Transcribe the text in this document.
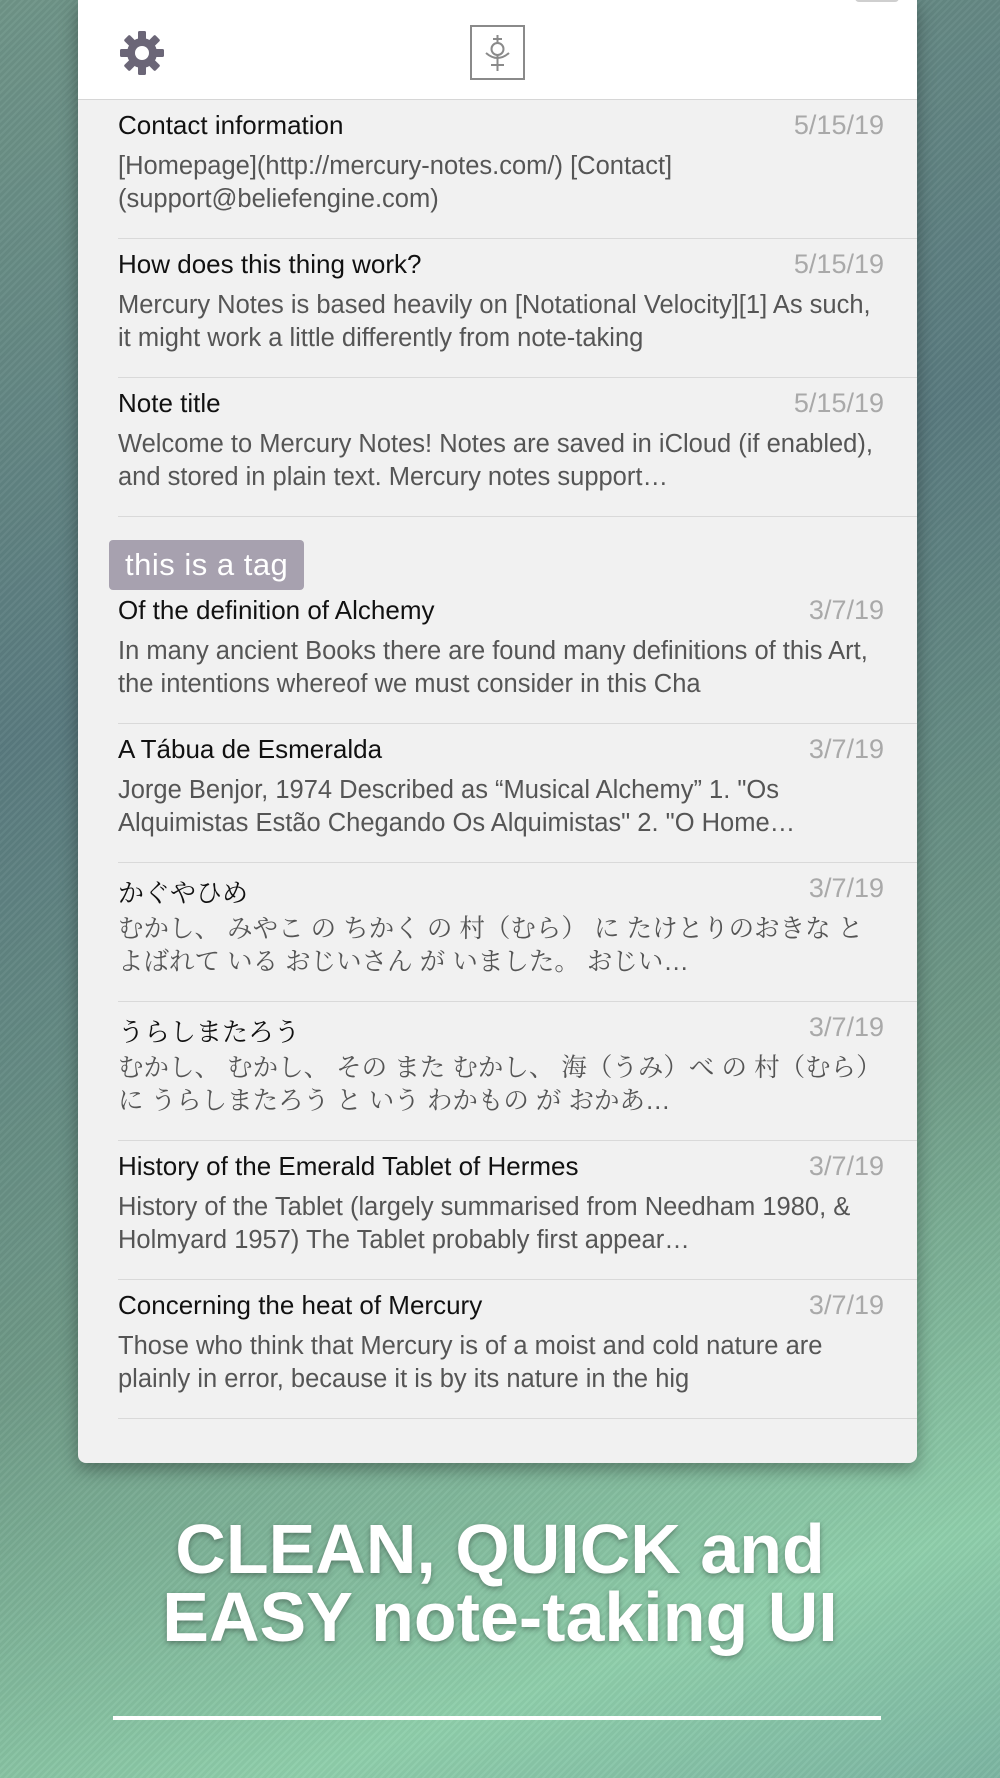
Contact information	5/15/19
[Homepage](http://mercury-notes.com/) [Contact](support@beliefengine.com)
How does this thing work?	5/15/19
Mercury Notes is based heavily on [Notational Velocity][1] As such, it might work a little differently from note-taking
Note title	5/15/19
Welcome to Mercury Notes! Notes are saved in iCloud (if enabled), and stored in plain text. Mercury notes support…
this is a tag
Of the definition of Alchemy	3/7/19
In many ancient Books there are found many definitions of this Art, the intentions whereof we must consider in this Cha
A Tábua de Esmeralda	3/7/19
Jorge Benjor, 1974 Described as “Musical Alchemy” 1. "Os Alquimistas Estão Chegando Os Alquimistas" 2. "O Home…
かぐやひめ	3/7/19
むかし、 みやこ の ちかく の 村（むら） に たけとりのおきな と よばれて いる おじいさん が いました。 おじい…
うらしまたろう	3/7/19
むかし、 むかし、 その また むかし、 海（うみ）べ の 村（むら） に うらしまたろう と いう わかもの が おかあ…
History of the Emerald Tablet of Hermes	3/7/19
History of the Tablet (largely summarised from Needham 1980, & Holmyard 1957) The Tablet probably first appear…
Concerning the heat of Mercury	3/7/19
Those who think that Mercury is of a moist and cold nature are plainly in error, because it is by its nature in the hig
CLEAN, QUICK and
EASY note-taking UI
